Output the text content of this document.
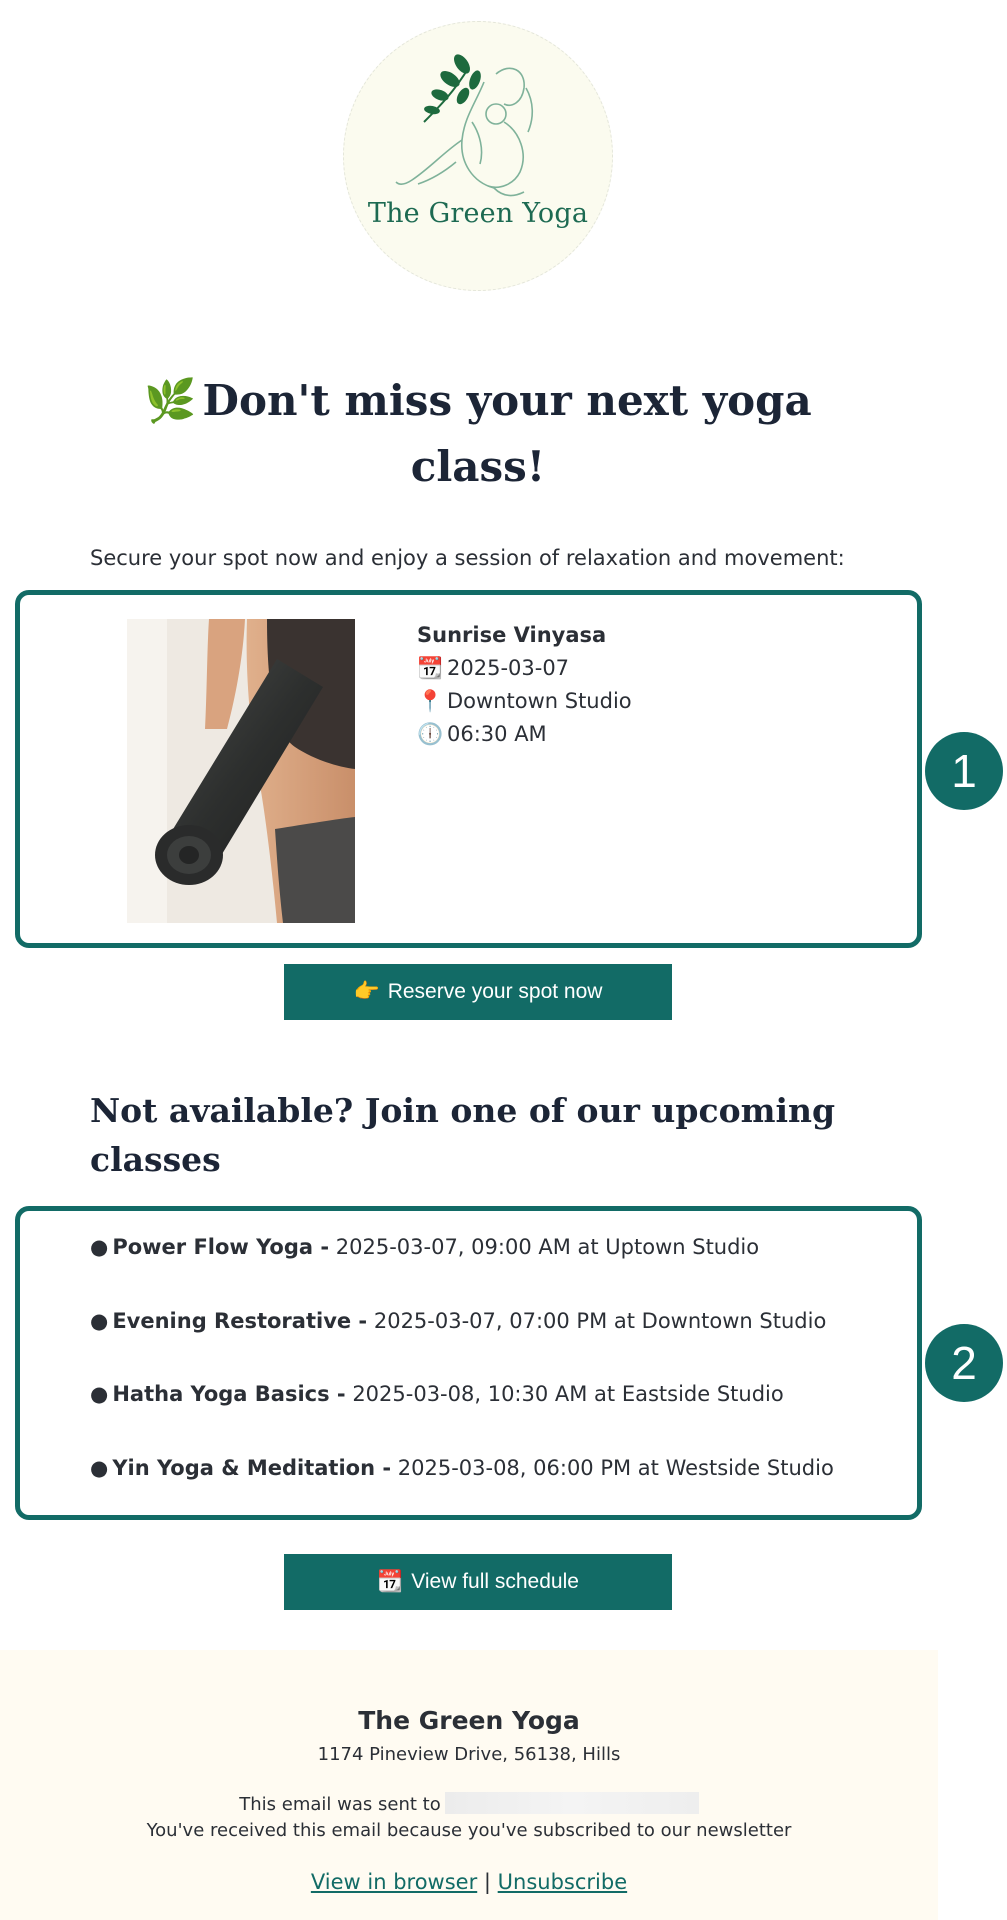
The Green Yoga
🌿 Don't miss your next yoga class!

Secure your spot now and enjoy a session of relaxation and movement:

1
Sunrise Vinyasa
📆 2025-03-07
📍 Downtown Studio
🕕 06:30 AM
👉 Reserve your spot now
Not available? Join one of our upcoming classes
2
● Power Flow Yoga - 2025-03-07, 09:00 AM at Uptown Studio
● Evening Restorative - 2025-03-07, 07:00 PM at Downtown Studio
● Hatha Yoga Basics - 2025-03-08, 10:30 AM at Eastside Studio
● Yin Yoga & Meditation - 2025-03-08, 06:00 PM at Westside Studio
📆 View full schedule
The Green Yoga
1174 Pineview Drive, 56138, Hills
This email was sent to
You've received this email because you've subscribed to our newsletter
View in browser | Unsubscribe
